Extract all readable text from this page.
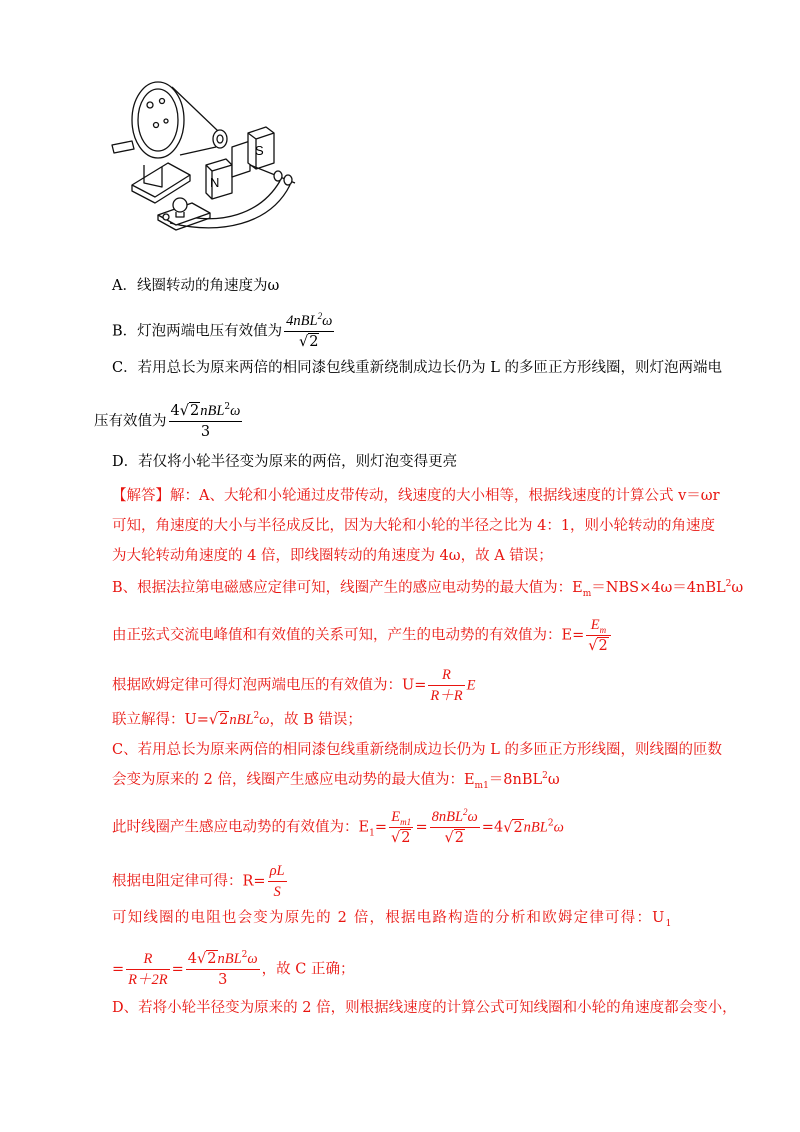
N
S
A．线圈转动的角速度为ω
B．灯泡两端电压有效值为 $\frac{4nBL^2\omega}{√2}$
C．若用总长为原来两倍的相同漆包线重新绕制成边长仍为 L 的多匝正方形线圈，则灯泡两端电
压有效值为 $\frac{4√2nBL^2\omega}{3}$
D．若仅将小轮半径变为原来的两倍，则灯泡变得更亮
【解答】解：A、大轮和小轮通过皮带传动，线速度的大小相等，根据线速度的计算公式 v＝ωr
可知，角速度的大小与半径成反比，因为大轮和小轮的半径之比为 4：1，则小轮转动的角速度
为大轮转动角速度的 4 倍，即线圈转动的角速度为 4ω，故 A 错误；
B、根据法拉第电磁感应定律可知，线圈产生的感应电动势的最大值为：$E_m=NBS\times 4\omega=4nBL^2\omega$
由正弦式交流电峰值和有效值的关系可知，产生的电动势的有效值为：$E= \frac{E_m}{√2}$
根据欧姆定律可得灯泡两端电压的有效值为：$U= \frac{R}{R+R}$ E
联立解得：U=√2nBL$^2$ω，故 B 错误；
C、若用总长为原来两倍的相同漆包线重新绕制成边长仍为 L 的多匝正方形线圈，则线圈的匝数
会变为原来的 2 倍，线圈产生感应电动势的最大值为：$E_{m1}=8nBL^2\omega$
此时线圈产生感应电动势的有效值为：$E_1= \frac{E_{m1}}{√2} = \frac{8nBL^2\omega}{√2} =4√2nBL^2\omega$
根据电阻定律可得：$R= \frac{\rho L}{S}$
可知线圈的电阻也会变为原先的 2 倍，根据电路构造的分析和欧姆定律可得：$U_1$
= $\frac{R}{R+2R} = \frac{4√2nBL^2\omega}{3}$ ，故 C 正确；
D、若将小轮半径变为原来的 2 倍，则根据线速度的计算公式可知线圈和小轮的角速度都会变小，
